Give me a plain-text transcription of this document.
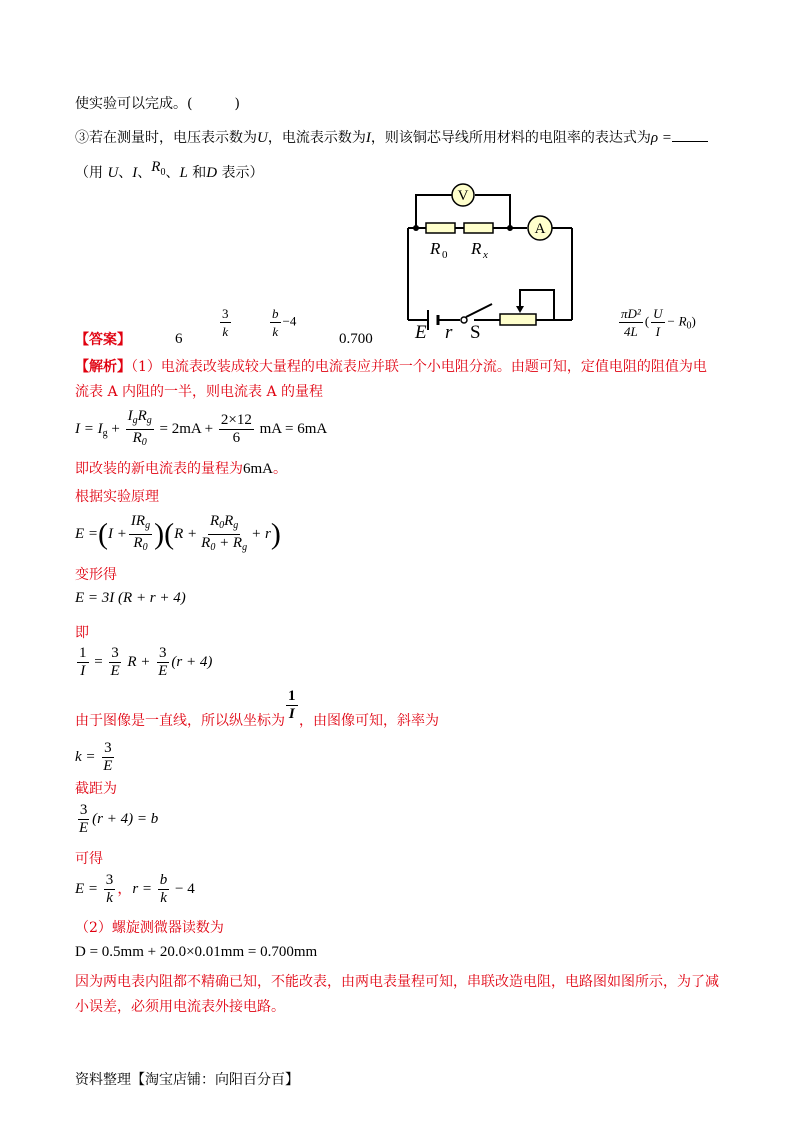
使实验可以完成。(　　　)
③若在测量时，电压表示数为U，电流表示数为I，则该铜芯导线所用材料的电阻率的表达式为ρ =
（用 U、I、$R^0$、L 和D 表示）
V
A
R 0 R x
E r S
【答案】	6	$\frac{3}{k}$	$\frac{b}{k} -4$
0.700	$\frac{\text{πD²}}{4L}$ ( $\frac{U}{I} - R_0$)
【解析】（1）电流表改装成较大量程的电流表应并联一个小电阻分流。由题可知，定值电阻的阻值为电
流表 A 内阻的一半，则电流表 A 的量程
$I = I_g + \frac{I_gR_g}{R_0} = 2mA + \frac{2\times 12}{6}$ mA = 6mA
即改装的新电流表的量程为6mA。
根据实验原理
$E =(I + \frac{IR_g}{R_0} )(R + \frac{R_0R_g}{R_0 + R_g} + r)$
变形得
E = 3I (R + r + 4)
即
$\frac{1}{I} = \frac{3}{E}$ $R + \frac{3}{E} (r + 4)$
由于图像是一直线，所以纵坐标为 $\frac{1}{I}$ ，由图像可知，斜率为
$k = \frac{3}{E}$
截距为
$\frac{3}{E} (r + 4) = b$
可得
$E = \frac{3}{k}$ ，$r = \frac{b}{k} - 4$
（2）螺旋测微器读数为
D = 0.5mm + 20.0×0.01mm = 0.700mm
因为两电表内阻都不精确已知，不能改表，由两电表量程可知，串联改造电阻，电路图如图所示，为了减
小误差，必须用电流表外接电路。
资料整理【淘宝店铺：向阳百分百】
